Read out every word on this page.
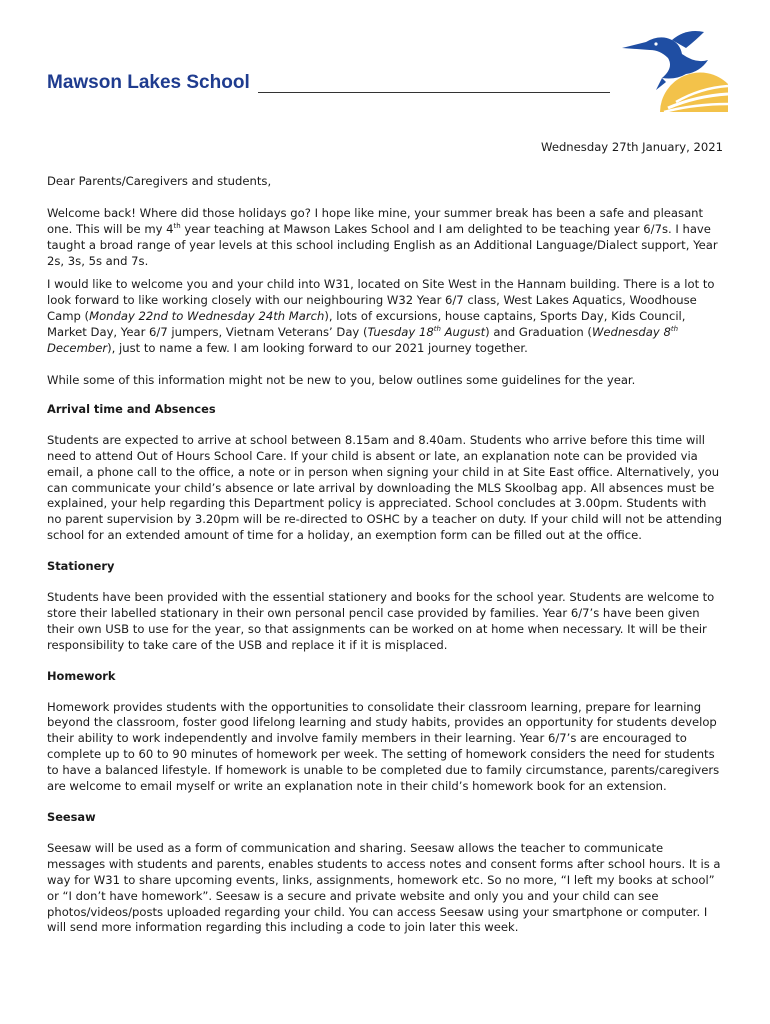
Mawson Lakes School

Wednesday 27th January, 2021

Dear Parents/Caregivers and students,

Welcome back! Where did those holidays go? I hope like mine, your summer break has been a safe and pleasant one. This will be my 4th year teaching at Mawson Lakes School and I am delighted to be teaching year 6/7s. I have taught a broad range of year levels at this school including English as an Additional Language/Dialect support, Year 2s, 3s, 5s and 7s.

I would like to welcome you and your child into W31, located on Site West in the Hannam building. There is a lot to look forward to like working closely with our neighbouring W32 Year 6/7 class, West Lakes Aquatics, Woodhouse Camp (Monday 22nd to Wednesday 24th March), lots of excursions, house captains, Sports Day, Kids Council, Market Day, Year 6/7 jumpers, Vietnam Veterans’ Day (Tuesday 18th August) and Graduation (Wednesday 8th December), just to name a few. I am looking forward to our 2021 journey together.

While some of this information might not be new to you, below outlines some guidelines for the year.

Arrival time and Absences

Students are expected to arrive at school between 8.15am and 8.40am. Students who arrive before this time will need to attend Out of Hours School Care. If your child is absent or late, an explanation note can be provided via email, a phone call to the office, a note or in person when signing your child in at Site East office. Alternatively, you can communicate your child’s absence or late arrival by downloading the MLS Skoolbag app. All absences must be explained, your help regarding this Department policy is appreciated. School concludes at 3.00pm. Students with no parent supervision by 3.20pm will be re-directed to OSHC by a teacher on duty. If your child will not be attending school for an extended amount of time for a holiday, an exemption form can be filled out at the office.

Stationery

Students have been provided with the essential stationery and books for the school year. Students are welcome to store their labelled stationary in their own personal pencil case provided by families. Year 6/7’s have been given their own USB to use for the year, so that assignments can be worked on at home when necessary. It will be their responsibility to take care of the USB and replace it if it is misplaced.

Homework

Homework provides students with the opportunities to consolidate their classroom learning, prepare for learning beyond the classroom, foster good lifelong learning and study habits, provides an opportunity for students develop their ability to work independently and involve family members in their learning. Year 6/7’s are encouraged to complete up to 60 to 90 minutes of homework per week. The setting of homework considers the need for students to have a balanced lifestyle. If homework is unable to be completed due to family circumstance, parents/caregivers are welcome to email myself or write an explanation note in their child’s homework book for an extension.

Seesaw

Seesaw will be used as a form of communication and sharing. Seesaw allows the teacher to communicate messages with students and parents, enables students to access notes and consent forms after school hours. It is a way for W31 to share upcoming events, links, assignments, homework etc. So no more, “I left my books at school” or “I don’t have homework”. Seesaw is a secure and private website and only you and your child can see photos/videos/posts uploaded regarding your child. You can access Seesaw using your smartphone or computer. I will send more information regarding this including a code to join later this week.
